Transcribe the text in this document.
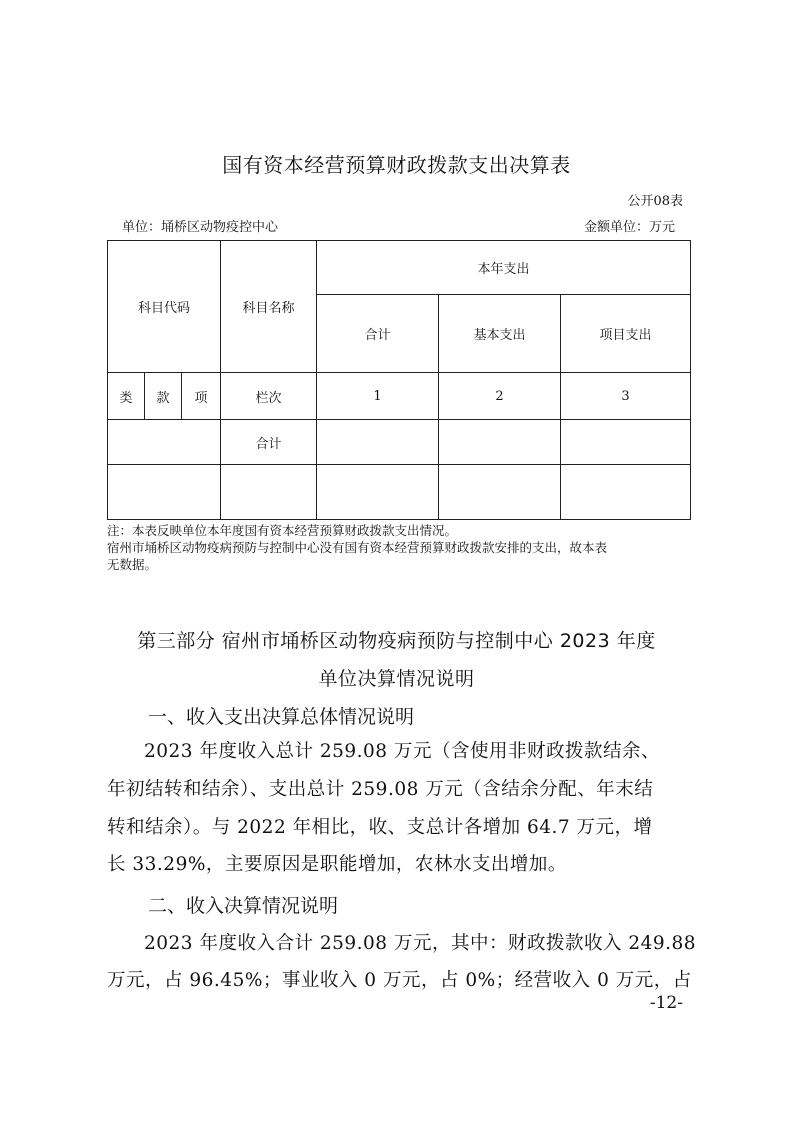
国有资本经营预算财政拨款支出决算表
公开08表
单位：埇桥区动物疫控中心	金额单位：万元
科目代码			科目名称	本年支出		
				合计	基本支出	项目支出
类	款	项	栏次	1	2	3
			合计			

注：本表反映单位本年度国有资本经营预算财政拨款支出情况。
宿州市埇桥区动物疫病预防与控制中心没有国有资本经营预算财政拨款安排的支出，故本表
无数据。
第三部分 宿州市埇桥区动物疫病预防与控制中心 2023 年度
单位决算情况说明
一、收入支出决算总体情况说明
2023 年度收入总计 259.08 万元（含使用非财政拨款结余、
年初结转和结余）、支出总计 259.08 万元（含结余分配、年末结
转和结余）。与 2022 年相比，收、支总计各增加 64.7 万元，增
长 33.29%，主要原因是职能增加，农林水支出增加。
二、收入决算情况说明
2023 年度收入合计 259.08 万元，其中：财政拨款收入 249.88
万元，占 96.45%；事业收入 0 万元，占 0%；经营收入 0 万元，占
-12-
